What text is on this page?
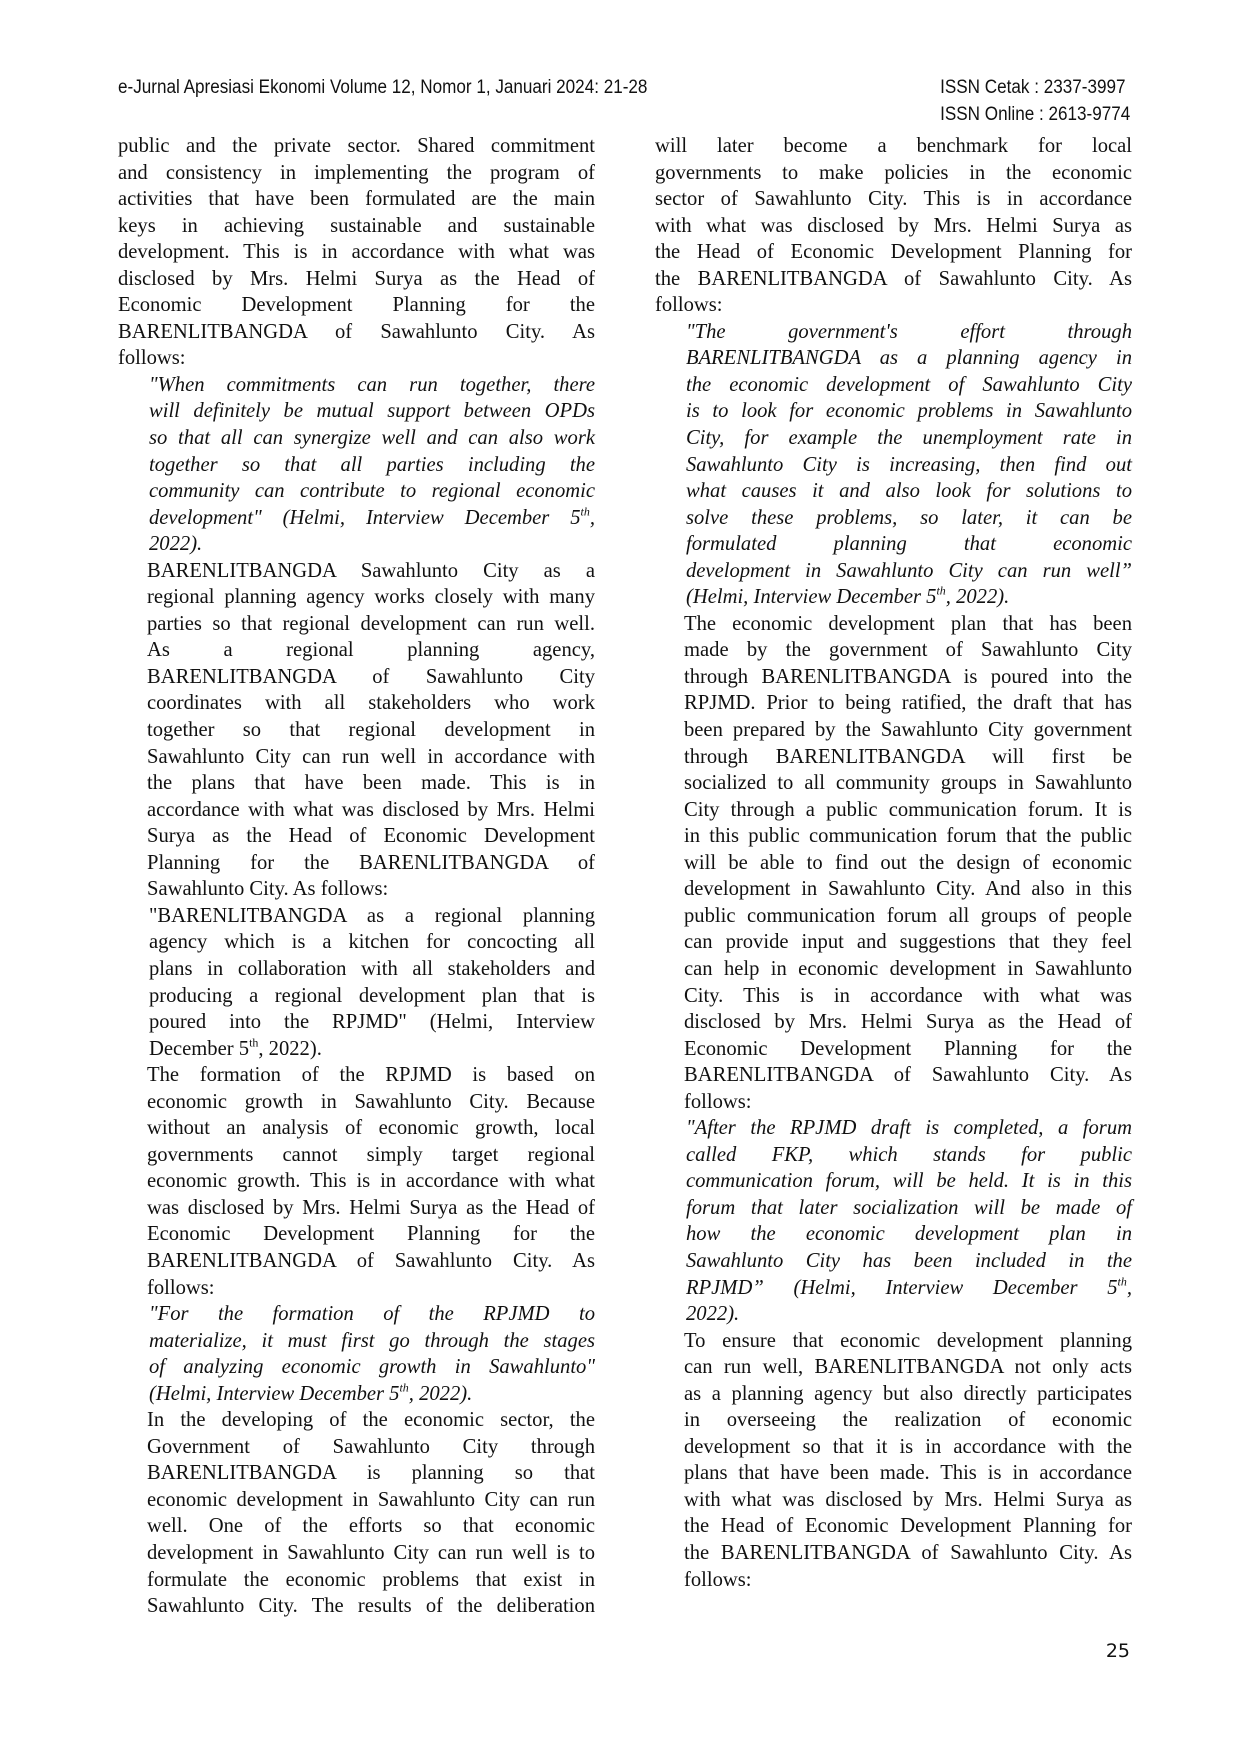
e-Jurnal Apresiasi Ekonomi Volume 12, Nomor 1, Januari 2024: 21-28	ISSN Cetak : 2337-3997
ISSN Online : 2613-9774

public and the private sector. Shared commitment
and consistency in implementing the program of
activities that have been formulated are the main
keys in achieving sustainable and sustainable
development. This is in accordance with what was
disclosed by Mrs. Helmi Surya as the Head of
Economic Development Planning for the
BARENLITBANGDA of Sawahlunto City. As
follows:

"When commitments can run together, there
will definitely be mutual support between OPDs
so that all can synergize well and can also work
together so that all parties including the
community can contribute to regional economic
development" (Helmi, Interview December 5th,
2022).

BARENLITBANGDA Sawahlunto City as a
regional planning agency works closely with many
parties so that regional development can run well.
As a regional planning agency,
BARENLITBANGDA of Sawahlunto City
coordinates with all stakeholders who work
together so that regional development in
Sawahlunto City can run well in accordance with
the plans that have been made. This is in
accordance with what was disclosed by Mrs. Helmi
Surya as the Head of Economic Development
Planning for the BARENLITBANGDA of
Sawahlunto City. As follows:

"BARENLITBANGDA as a regional planning
agency which is a kitchen for concocting all
plans in collaboration with all stakeholders and
producing a regional development plan that is
poured into the RPJMD" (Helmi, Interview
December 5th, 2022).

The formation of the RPJMD is based on
economic growth in Sawahlunto City. Because
without an analysis of economic growth, local
governments cannot simply target regional
economic growth. This is in accordance with what
was disclosed by Mrs. Helmi Surya as the Head of
Economic Development Planning for the
BARENLITBANGDA of Sawahlunto City. As
follows:

"For the formation of the RPJMD to
materialize, it must first go through the stages
of analyzing economic growth in Sawahlunto"
(Helmi, Interview December 5th, 2022).

In the developing of the economic sector, the
Government of Sawahlunto City through
BARENLITBANGDA is planning so that
economic development in Sawahlunto City can run
well. One of the efforts so that economic
development in Sawahlunto City can run well is to
formulate the economic problems that exist in
Sawahlunto City. The results of the deliberation

will later become a benchmark for local
governments to make policies in the economic
sector of Sawahlunto City. This is in accordance
with what was disclosed by Mrs. Helmi Surya as
the Head of Economic Development Planning for
the BARENLITBANGDA of Sawahlunto City. As
follows:

"The government's effort through
BARENLITBANGDA as a planning agency in
the economic development of Sawahlunto City
is to look for economic problems in Sawahlunto
City, for example the unemployment rate in
Sawahlunto City is increasing, then find out
what causes it and also look for solutions to
solve these problems, so later, it can be
formulated planning that economic
development in Sawahlunto City can run well”
(Helmi, Interview December 5th, 2022).

The economic development plan that has been
made by the government of Sawahlunto City
through BARENLITBANGDA is poured into the
RPJMD. Prior to being ratified, the draft that has
been prepared by the Sawahlunto City government
through BARENLITBANGDA will first be
socialized to all community groups in Sawahlunto
City through a public communication forum. It is
in this public communication forum that the public
will be able to find out the design of economic
development in Sawahlunto City. And also in this
public communication forum all groups of people
can provide input and suggestions that they feel
can help in economic development in Sawahlunto
City. This is in accordance with what was
disclosed by Mrs. Helmi Surya as the Head of
Economic Development Planning for the
BARENLITBANGDA of Sawahlunto City. As
follows:

"After the RPJMD draft is completed, a forum
called FKP, which stands for public
communication forum, will be held. It is in this
forum that later socialization will be made of
how the economic development plan in
Sawahlunto City has been included in the
RPJMD” (Helmi, Interview December 5th,
2022).

To ensure that economic development planning
can run well, BARENLITBANGDA not only acts
as a planning agency but also directly participates
in overseeing the realization of economic
development so that it is in accordance with the
plans that have been made. This is in accordance
with what was disclosed by Mrs. Helmi Surya as
the Head of Economic Development Planning for
the BARENLITBANGDA of Sawahlunto City. As
follows:

25
